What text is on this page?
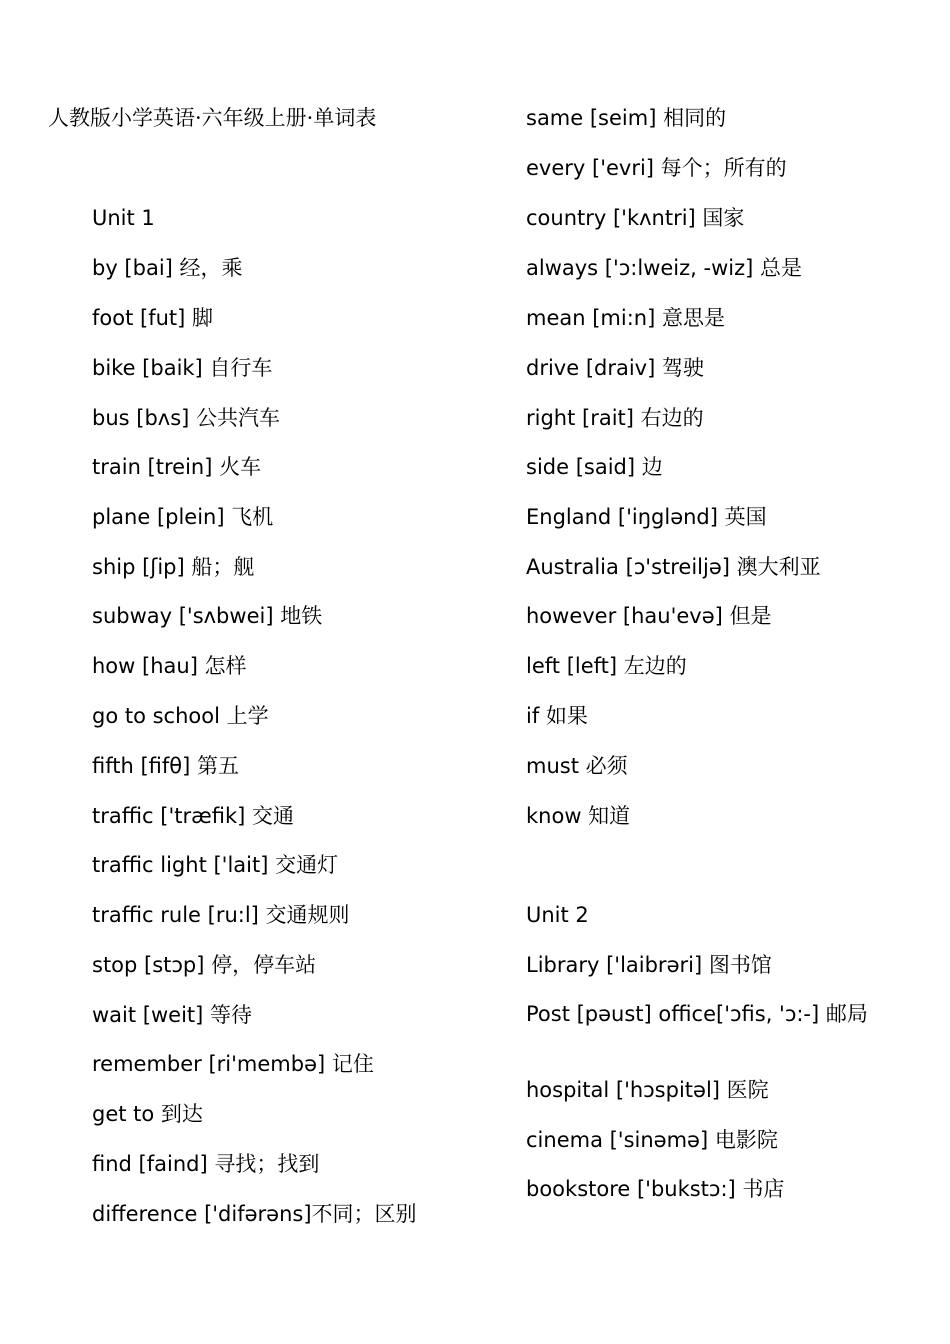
人教版小学英语·六年级上册·单词表
Unit 1
by [bai] 经，乘
foot [fut] 脚
bike [baik] 自行车
bus [bʌs] 公共汽车
train [trein] 火车
plane [plein] 飞机
ship [ʃip] 船；舰
subway ['sʌbwei] 地铁
how [hau] 怎样
go to school 上学
fifth [fifθ] 第五
traffic ['træfik] 交通
traffic light ['lait] 交通灯
traffic rule [ru:l] 交通规则
stop [stɔp] 停，停车站
wait [weit] 等待
remember [ri'membə] 记住
get to 到达
find [faind] 寻找；找到
difference ['difərəns]不同；区别
same [seim] 相同的
every ['evri] 每个；所有的
country ['kʌntri] 国家
always ['ɔ:lweiz, -wiz] 总是
mean [mi:n] 意思是
drive [draiv] 驾驶
right [rait] 右边的
side [said] 边
England ['iŋglənd] 英国
Australia [ɔ'streiljə] 澳大利亚
however [hau'evə] 但是
left [left] 左边的
if 如果
must 必须
know 知道
Unit 2
Library ['laibrəri] 图书馆
Post [pəust] office['ɔfis, 'ɔ:-] 邮局
hospital ['hɔspitəl] 医院
cinema ['sinəmə] 电影院
bookstore ['bukstɔ:] 书店
